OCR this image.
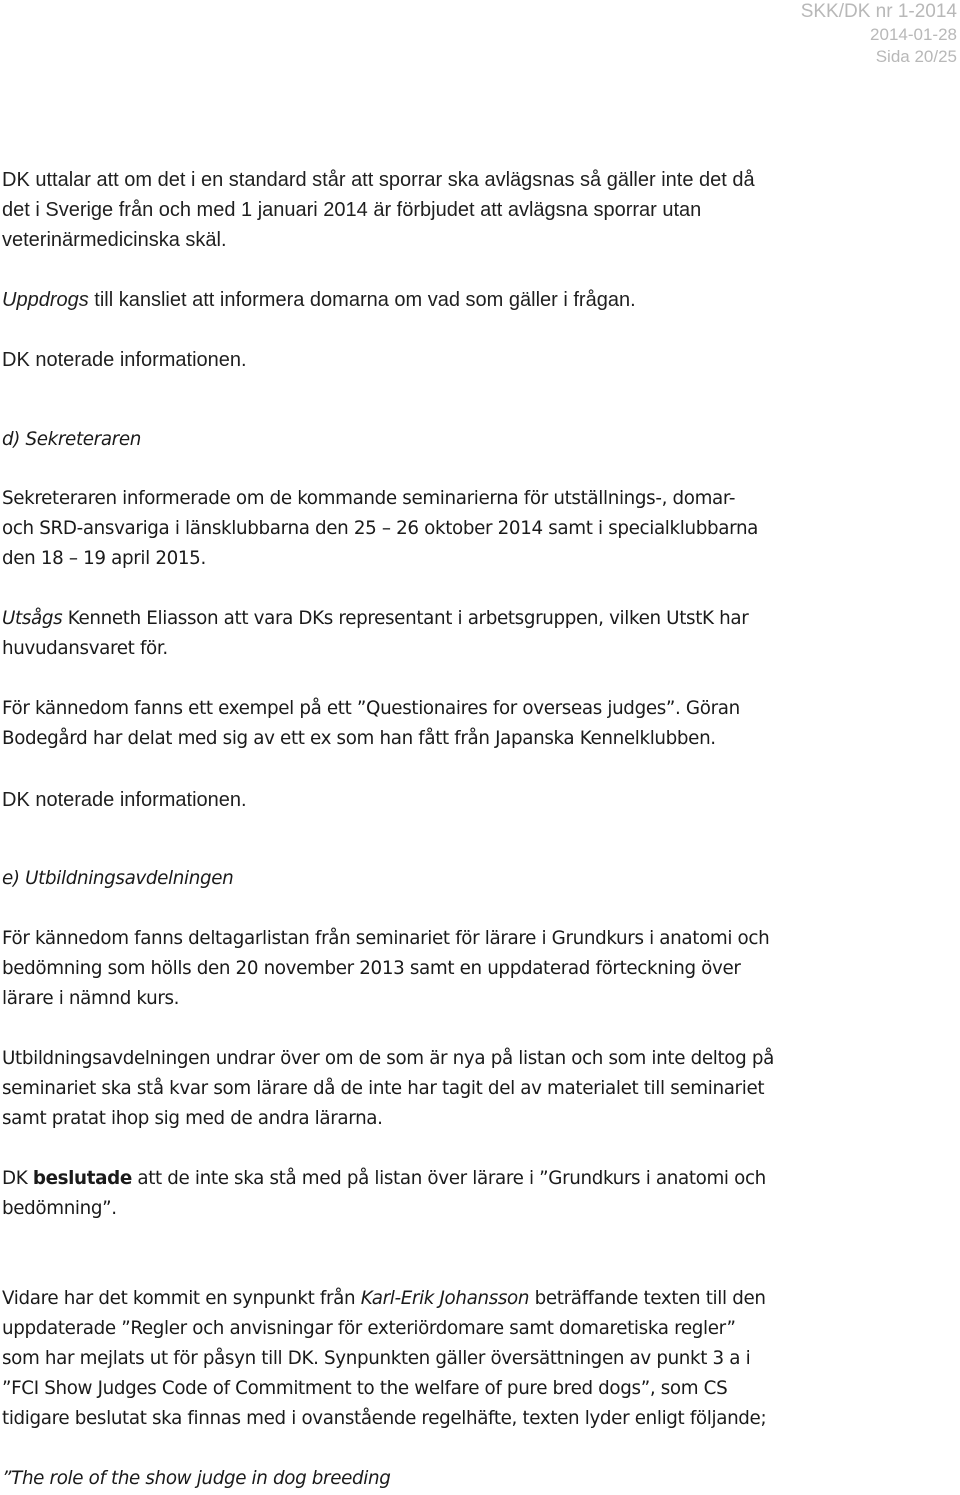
SKK/DK nr 1-2014
2014-01-28
Sida 20/25
DK uttalar att om det i en standard står att sporrar ska avlägsnas så gäller inte det då
det i Sverige från och med 1 januari 2014 är förbjudet att avlägsna sporrar utan
veterinärmedicinska skäl.
Uppdrogs till kansliet att informera domarna om vad som gäller i frågan.
DK noterade informationen.
d) Sekreteraren
Sekreteraren informerade om de kommande seminarierna för utställnings-, domar-
och SRD-ansvariga i länsklubbarna den 25 – 26 oktober 2014 samt i specialklubbarna
den 18 – 19 april 2015.
Utsågs Kenneth Eliasson att vara DKs representant i arbetsgruppen, vilken UtstK har
huvudansvaret för.
För kännedom fanns ett exempel på ett ”Questionaires for overseas judges”. Göran
Bodegård har delat med sig av ett ex som han fått från Japanska Kennelklubben.
DK noterade informationen.
e) Utbildningsavdelningen
För kännedom fanns deltagarlistan från seminariet för lärare i Grundkurs i anatomi och
bedömning som hölls den 20 november 2013 samt en uppdaterad förteckning över
lärare i nämnd kurs.
Utbildningsavdelningen undrar över om de som är nya på listan och som inte deltog på
seminariet ska stå kvar som lärare då de inte har tagit del av materialet till seminariet
samt pratat ihop sig med de andra lärarna.
DK beslutade att de inte ska stå med på listan över lärare i ”Grundkurs i anatomi och
bedömning”.
Vidare har det kommit en synpunkt från Karl-Erik Johansson beträffande texten till den
uppdaterade ”Regler och anvisningar för exteriördomare samt domaretiska regler”
som har mejlats ut för påsyn till DK. Synpunkten gäller översättningen av punkt 3 a i
”FCI Show Judges Code of Commitment to the welfare of pure bred dogs”, som CS
tidigare beslutat ska finnas med i ovanstående regelhäfte, texten lyder enligt följande;
”The role of the show judge in dog breeding
